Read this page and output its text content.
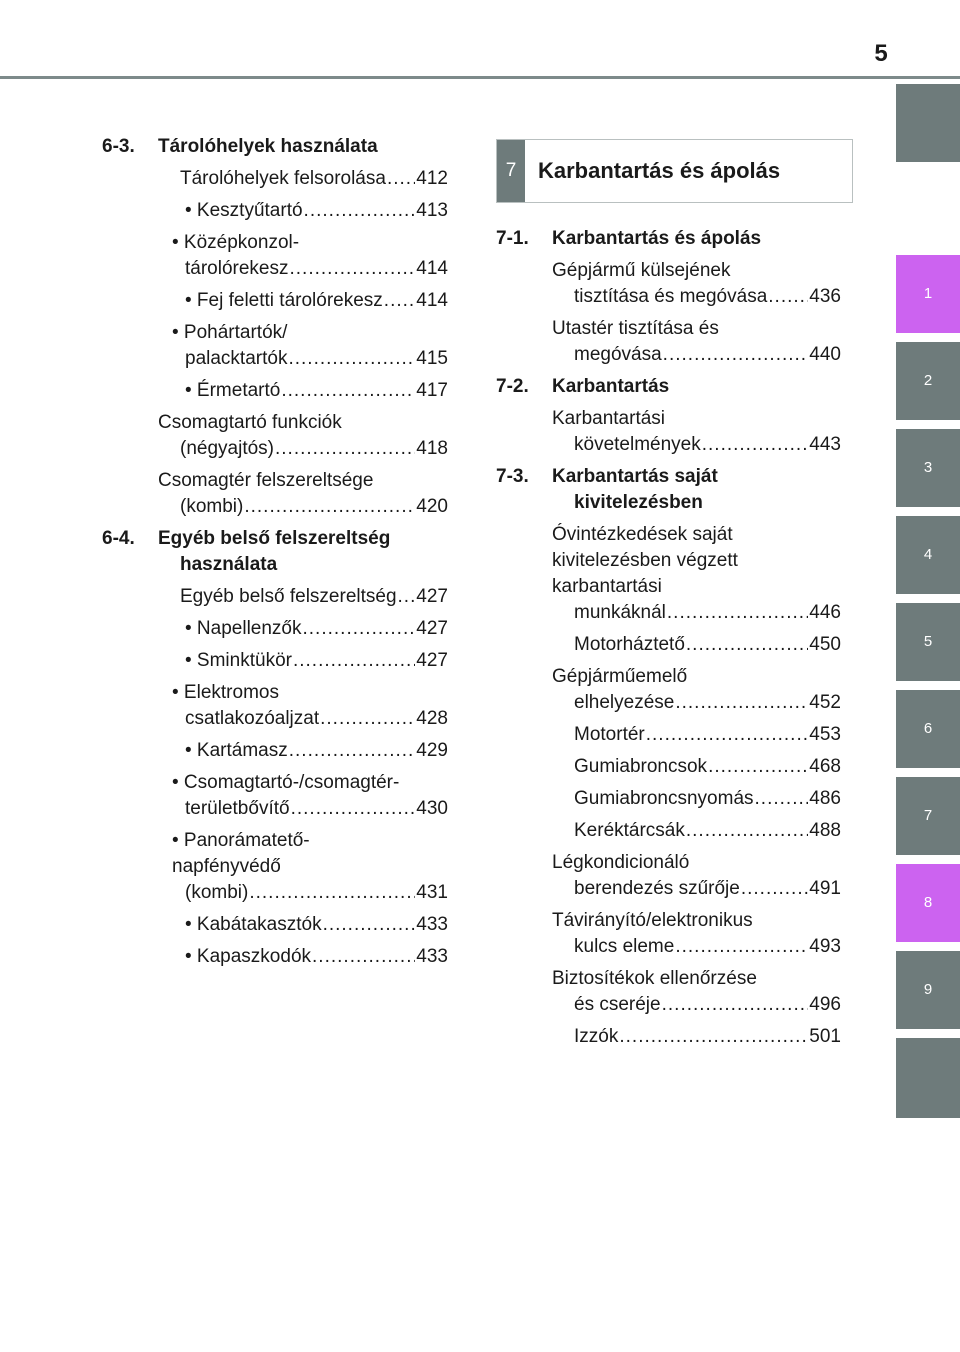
5
1
2
3
4
5
6
7
8
9
6-3.	Tárolóhelyek használata
Tárolóhelyek felsorolása ..... 412
• Kesztyűtartó .....	413
• Középkonzol-
tárolórekesz .....	414
• Fej feletti tárolórekesz ..... 414
• Pohártartók/
palacktartók .....	415
• Érmetartó .....	417
Csomagtartó funkciók
(négyajtós) .....	418
Csomagtér felszereltsége
(kombi) .....	420
6-4.	Egyéb belső felszereltség használata
Egyéb belső felszereltség ..... 427
• Napellenzők .....	427
• Sminktükör .....	427
• Elektromos
csatlakozóaljzat .....	428
• Kartámasz .....	429
• Csomagtartó-/csomagtér-
területbővítő .....	430
• Panorámatető-
napfényvédő
(kombi) .....	431
• Kabátakasztók .....	433
• Kapaszkodók .....	433
7 Karbantartás és ápolás
7-1.	Karbantartás és ápolás
Gépjármű külsejének
tisztítása és megóvása ..... 436
Utastér tisztítása és
megóvása .....	440
7-2.	Karbantartás
Karbantartási
követelmények .....	443
7-3.	Karbantartás saját kivitelezésben
Óvintézkedések saját
kivitelezésben végzett
karbantartási
munkáknál .....	446
Motorháztető .....	450
Gépjárműemelő
elhelyezése .....	452
Motortér .....	453
Gumiabroncsok .....	468
Gumiabroncsnyomás .....	486
Keréktárcsák .....	488
Légkondicionáló
berendezés szűrője .....	491
Távirányító/elektronikus
kulcs eleme .....	493
Biztosítékok ellenőrzése
és cseréje .....	496
Izzók .....	501
